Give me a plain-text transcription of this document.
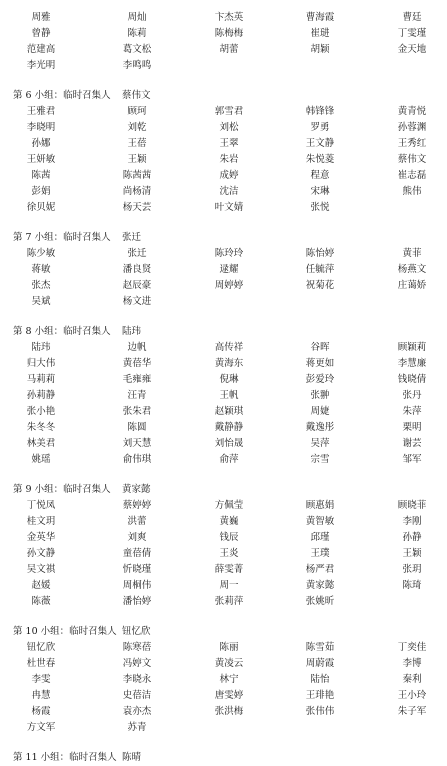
周雅	周灿	卞杰英	曹海霞	曹廷
曾静	陈莉	陈梅梅	崔琎	丁雯瑾
范建高	葛文松	胡蕾	胡颖	金天地
李光明	李鸣鸣
第 6 小组：临时召集人 蔡伟文
王雅君	顾珂	郭雪君	韩锋锋	黄青悦
李晓明	刘乾	刘松	罗勇	孙蓉渊
孙娜	王蓓	王翠	王文静	王秀红
王妍敏	王颖	朱岩	朱悦菱	蔡伟文
陈茜	陈茜茜	成婷	程意	崔志磊
彭娟	尚杨清	沈洁	宋琳	熊伟
徐贝妮	杨天芸	叶文婧	张悦
第 7 小组：临时召集人 张迁
陈少敏	张迁	陈玲玲	陈怡婷	黄菲
蒋敏	潘良贤	逯耀	任毓萍	杨燕文
张杰	赵辰豪	周婷婷	祝菊花	庄蔼娇
吴斌	杨文进
第 8 小组：临时召集人 陆玮
陆玮	边帆	高传祥	谷晖	顾颖莉
归大伟	黄蓓华	黄海东	蒋更如	李慧廉
马莉莉	毛雍雍	倪琳	彭爱玲	钱晓倩
孙莉静	汪青	王帆	张翀	张丹
张小艳	张朱君	赵颖琪	周婕	朱萍
朱冬冬	陈圆	戴静静	戴逸彤	栗明
林美君	刘天慧	刘怡晟	吴萍	谢芸
姚瑶	俞伟琪	俞萍	宗雪	邹军
第 9 小组：临时召集人 黄家懿
丁悦凤	蔡婷婷	方佩莹	顾惠娟	顾晓菲
桂文玥	洪蕾	黄巍	黄智敏	李刚
金英华	刘爽	钱辰	邱瑾	孙静
孙文静	童蓓倩	王炎	王璞	王颖
吴文祺	忻晓瑾	薛雯菁	杨严君	张玥
赵媛	周桐伟	周一	黄家懿	陈琦
陈薇	潘怡婷	张莉萍	张姚昕
第 10 小组：临时召集人 钮忆欣
钮忆欣	陈寒蓓	陈丽	陈雪茹	丁奕佳
杜世春	冯婷文	黄凌云	周蔚霞	李博
李雯	李晓永	林宁	陆怡	秦利
冉慧	史蓓洁	唐雯婷	王琲艳	王小玲
杨霞	袁亦杰	张洪梅	张伟伟	朱子军
方文军	苏青
第 11 小组：临时召集人 陈晴
